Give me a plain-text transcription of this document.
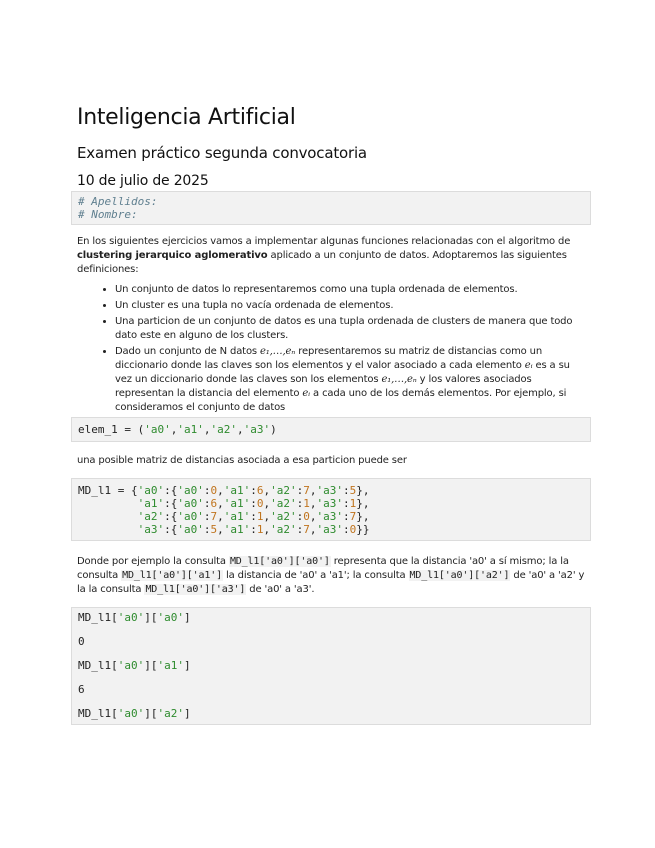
Inteligencia Artificial
Examen práctico segunda convocatoria
10 de julio de 2025
# Apellidos:
# Nombre:

En los siguientes ejercicios vamos a implementar algunas funciones relacionadas con el algoritmo de clustering jerarquico aglomerativo aplicado a un conjunto de datos. Adoptaremos las siguientes definiciones:

• Un conjunto de datos lo representaremos como una tupla ordenada de elementos.
• Un cluster es una tupla no vacía ordenada de elementos.
• Una particion de un conjunto de datos es una tupla ordenada de clusters de manera que todo dato este en alguno de los clusters.
• Dado un conjunto de N datos e₁,…,eₙ representaremos su matriz de distancias como un diccionario donde las claves son los elementos y el valor asociado a cada elemento eᵢ es a su vez un diccionario donde las claves son los elementos e₁,…,eₙ y los valores asociados representan la distancia del elemento eᵢ a cada uno de los demás elementos. Por ejemplo, si consideramos el conjunto de datos
elem_1 = ('a0','a1','a2','a3')

una posible matriz de distancias asociada a esa particion puede ser

MD_l1 = {'a0':{'a0':0,'a1':6,'a2':7,'a3':5},
'a1':{'a0':6,'a1':0,'a2':1,'a3':1},
'a2':{'a0':7,'a1':1,'a2':0,'a3':7},
'a3':{'a0':5,'a1':1,'a2':7,'a3':0}}

Donde por ejemplo la consulta MD_l1['a0']['a0'] representa que la distancia 'a0' a sí mismo; la la consulta MD_l1['a0']['a1'] la distancia de 'a0' a 'a1'; la consulta MD_l1['a0']['a2'] de 'a0' a 'a2' y la la consulta MD_l1['a0']['a3'] de 'a0' a 'a3'.

MD_l1['a0']['a0']
0
MD_l1['a0']['a1']
6
MD_l1['a0']['a2']
